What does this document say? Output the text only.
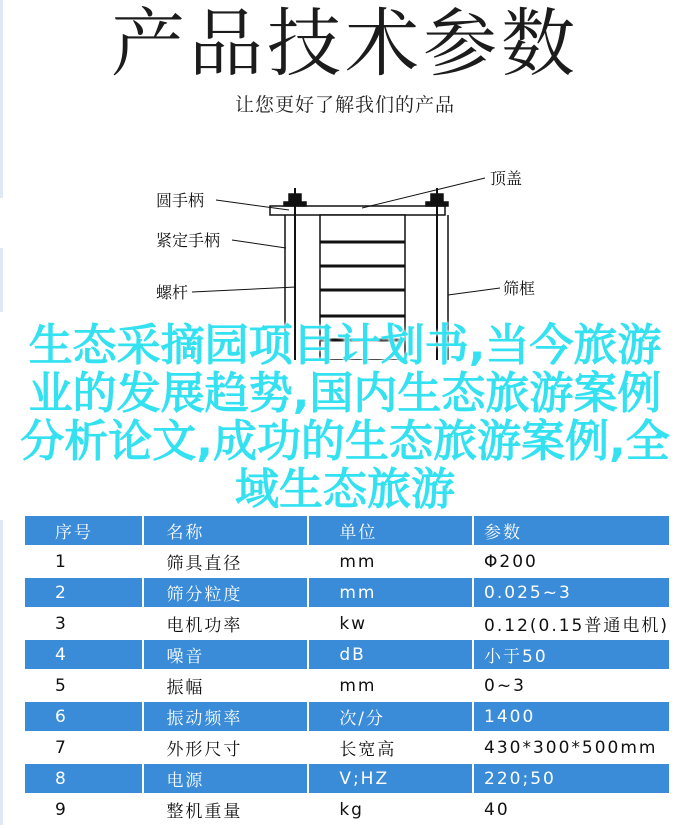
产品技术参数
让您更好了解我们的产品
圆手柄
紧定手柄
螺杆
顶盖
筛框
生态采摘园项目计划书,当今旅游业的发展趋势,国内生态旅游案例分析论文,成功的生态旅游案例,全域生态旅游
序号	名称	单位	参数
1	筛具直径	mm	Φ200
2	筛分粒度	mm	0.025~3
3	电机功率	kw	0.12(0.15普通电机)
4	噪音	dB	小于50
5	振幅	mm	0~3
6	振动频率	次/分	1400
7	外形尺寸	长宽高	430*300*500mm
8	电源	V;HZ	220;50
9	整机重量	kg	40
